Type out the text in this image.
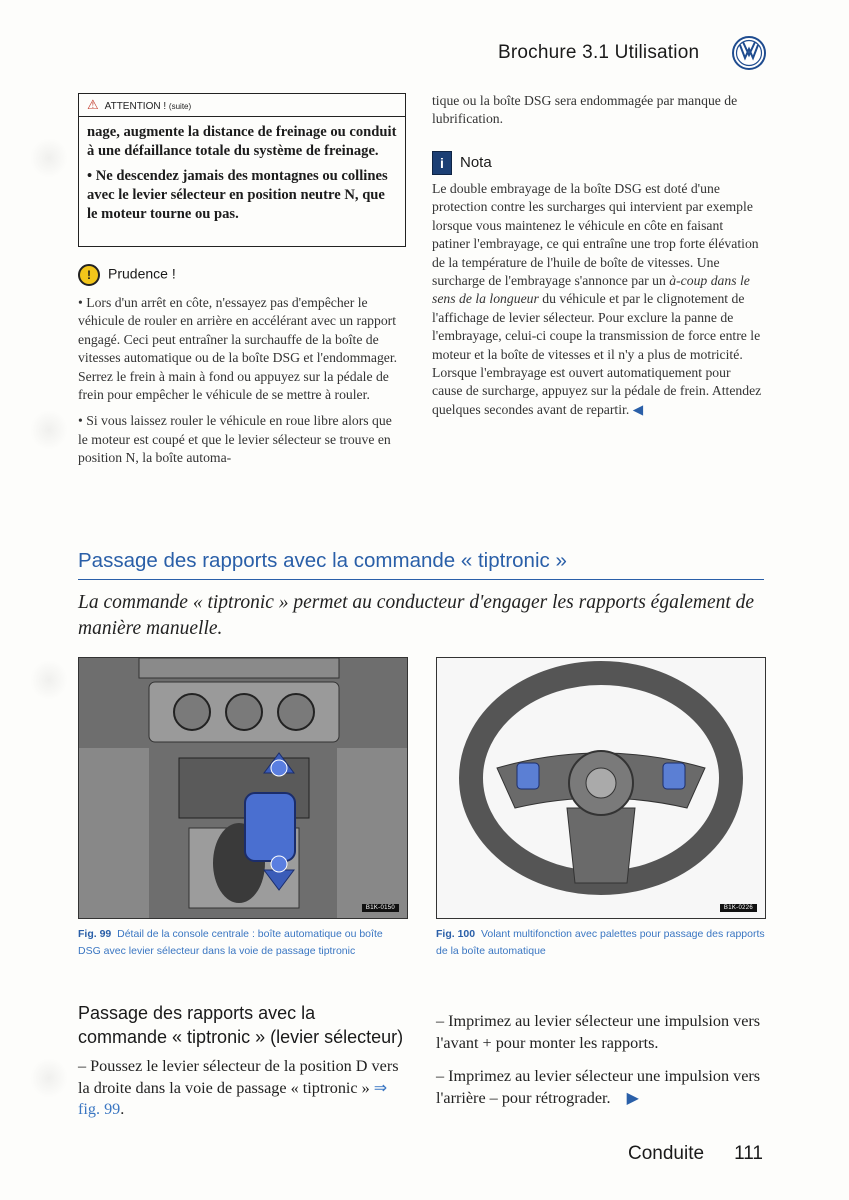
Brochure 3.1 Utilisation
⚠ ATTENTION ! (suite)

nage, augmente la distance de freinage ou conduit à une défaillance totale du système de freinage.

• Ne descendez jamais des montagnes ou collines avec le levier sélecteur en position neutre N, que le moteur tourne ou pas.

! Prudence !

• Lors d'un arrêt en côte, n'essayez pas d'empêcher le véhicule de rouler en arrière en accélérant avec un rapport engagé. Ceci peut entraîner la surchauffe de la boîte de vitesses automatique ou de la boîte DSG et l'endommager. Serrez le frein à main à fond ou appuyez sur la pédale de frein pour empêcher le véhicule de se mettre à rouler.

• Si vous laissez rouler le véhicule en roue libre alors que le moteur est coupé et que le levier sélecteur se trouve en position N, la boîte automa-

tique ou la boîte DSG sera endommagée par manque de lubrification.
i Nota
Le double embrayage de la boîte DSG est doté d'une protection contre les surcharges qui intervient par exemple lorsque vous maintenez le véhicule en côte en faisant patiner l'embrayage, ce qui entraîne une trop forte élévation de la température de l'huile de boîte de vitesses. Une surcharge de l'embrayage s'annonce par un à-coup dans le sens de la longueur du véhicule et par le clignotement de l'affichage de levier sélecteur. Pour exclure la panne de l'embrayage, celui-ci coupe la transmission de force entre le moteur et la boîte de vitesses et il n'y a plus de motricité. Lorsque l'embrayage est ouvert automatiquement pour cause de surcharge, appuyez sur la pédale de frein. Attendez quelques secondes avant de repartir. ◀
Passage des rapports avec la commande « tiptronic »
La commande « tiptronic » permet au conducteur d'engager les rapports également de manière manuelle.
B1K-0150	B1K-0226
Fig. 99 Détail de la console centrale : boîte automatique ou boîte DSG avec levier sélecteur dans la voie de passage tiptronic
Fig. 100 Volant multifonction avec palettes pour passage des rapports de la boîte automatique
Passage des rapports avec la commande « tiptronic » (levier sélecteur)
– Poussez le levier sélecteur de la position D vers la droite dans la voie de passage « tiptronic » ⇒ fig. 99.

– Imprimez au levier sélecteur une impulsion vers l'avant + pour monter les rapports.

– Imprimez au levier sélecteur une impulsion vers l'arrière – pour rétrograder. ▶

Conduite 111
